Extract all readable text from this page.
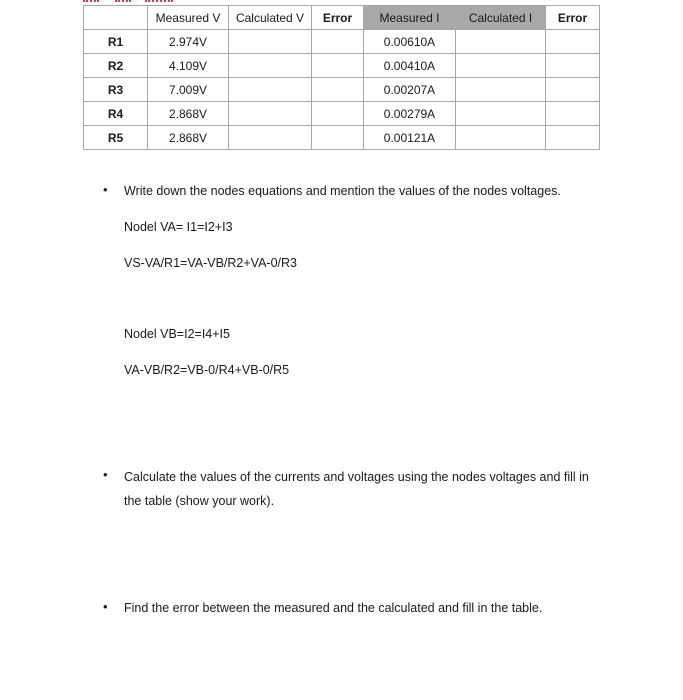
	Measured V	Calculated V	Error	Measured I	Calculated I	Error
R1	2.974V			0.00610A		
R2	4.109V			0.00410A		
R3	7.009V			0.00207A		
R4	2.868V			0.00279A		
R5	2.868V			0.00121A		
• Write down the nodes equations and mention the values of the nodes voltages.
Nodel VA= I1=I2+I3
VS-VA/R1=VA-VB/R2+VA-0/R3
Nodel VB=I2=I4+I5
VA-VB/R2=VB-0/R4+VB-0/R5
• Calculate the values of the currents and voltages using the nodes voltages and fill in the table (show your work).
• Find the error between the measured and the calculated and fill in the table.
